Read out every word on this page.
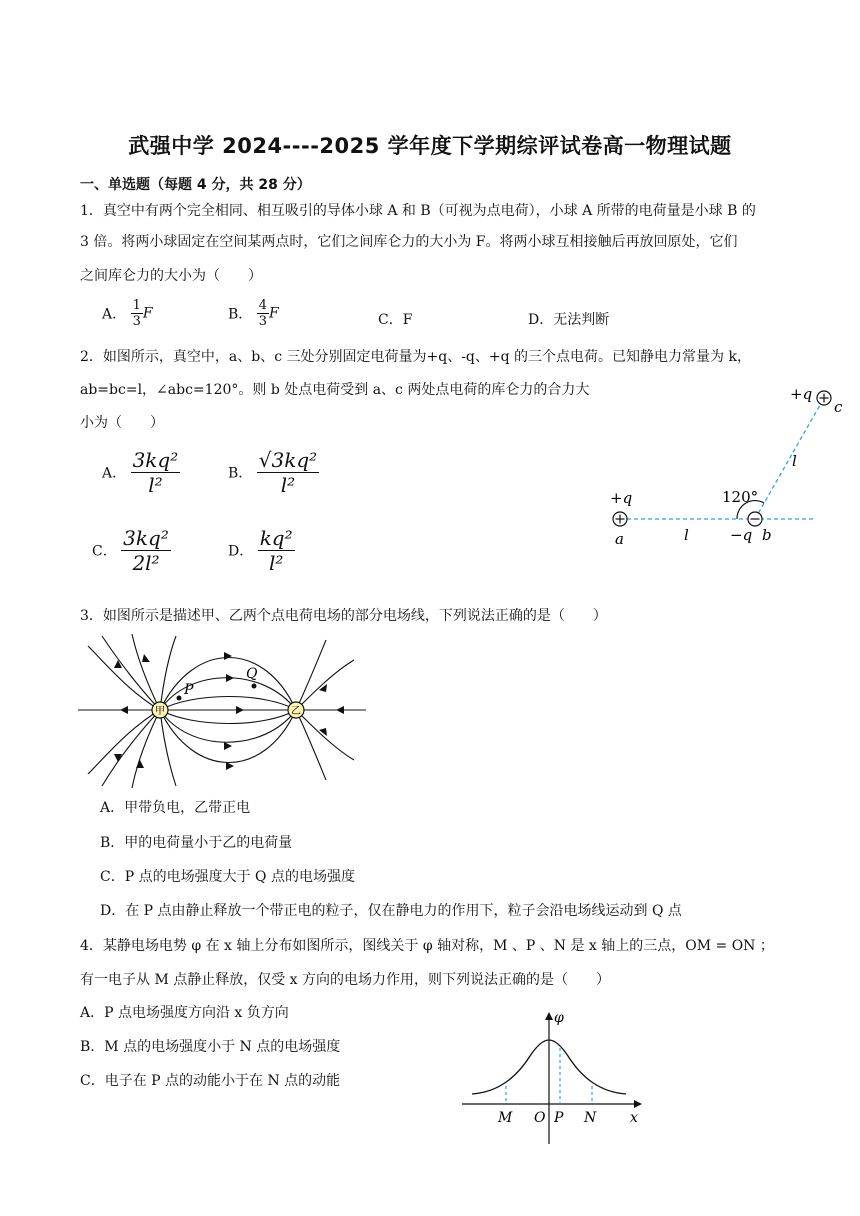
武强中学 2024----2025 学年度下学期综评试卷高一物理试题
一、单选题（每题 4 分，共 28 分）
1．真空中有两个完全相同、相互吸引的导体小球 A 和 B（可视为点电荷），小球 A 所带的电荷量是小球 B 的
3 倍。将两小球固定在空间某两点时，它们之间库仑力的大小为 F。将两小球互相接触后再放回原处，它们
之间库仑力的大小为（　　）
A． $\frac{1}{3}$ F	B． $\frac{4}{3}$ F	C．F	D．无法判断
2．如图所示，真空中，a、b、c 三处分别固定电荷量为+q、-q、+q 的三个点电荷。已知静电力常量为 k，
ab=bc=l，∠abc=120°。则 b 处点电荷受到 a、c 两处点电荷的库仑力的合力大
小为（　　）
A． $\frac{\text{3kq²}}{\text{l²}}$	B． $\frac{\text{√3kq²}}{\text{l²}}$
C． $\frac{\text{3kq²}}{\text{2l²}}$	D． $\frac{\text{kq²}}{\text{l²}}$
+q
c
l
120°
+q
a	l	−q b
3．如图所示是描述甲、乙两个点电荷电场的部分电场线，下列说法正确的是（　　）
甲	乙
P
Q
A．甲带负电，乙带正电
B．甲的电荷量小于乙的电荷量
C．P 点的电场强度大于 Q 点的电场强度
D．在 P 点由静止释放一个带正电的粒子，仅在静电力的作用下，粒子会沿电场线运动到 Q 点
4．某静电场电势 φ 在 x 轴上分布如图所示，图线关于 φ 轴对称，M 、P 、N 是 x 轴上的三点，OM = ON ；
有一电子从 M 点静止释放，仅受 x 方向的电场力作用，则下列说法正确的是（　　）
A．P 点电场强度方向沿 x 负方向
B．M 点的电场强度小于 N 点的电场强度
C．电子在 P 点的动能小于在 N 点的动能
φ
M O P N x
